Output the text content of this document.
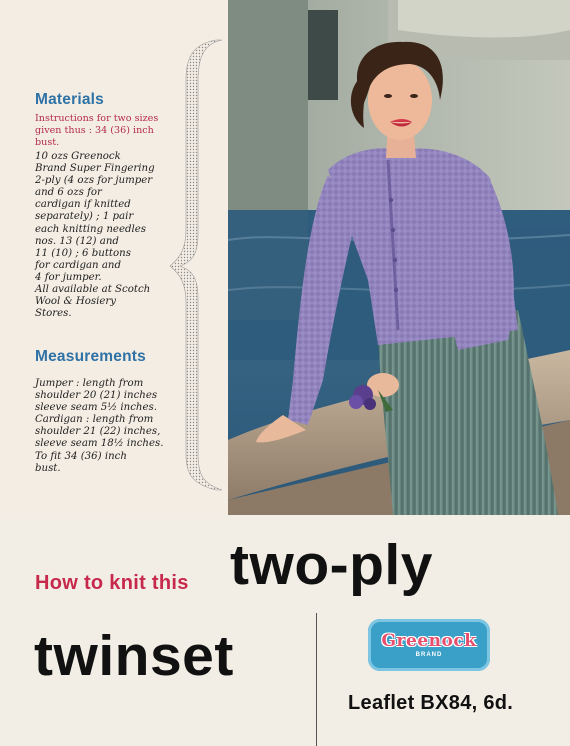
Materials
Instructions for two sizes given thus : 34 (36) inch bust.

10 ozs Greenock

Brand Super Fingering

2-ply (4 ozs for jumper

and 6 ozs for

cardigan if knitted

separately) ; 1 pair

each knitting needles

nos. 13 (12) and

11 (10) ; 6 buttons

for cardigan and

4 for jumper.

All available at Scotch

Wool & Hosiery

Stores.

Measurements

Jumper : length from

shoulder 20 (21) inches

sleeve seam 5½ inches.

Cardigan : length from

shoulder 21 (22) inches,

sleeve seam 18½ inches.

To fit 34 (36) inch

bust.

How to knit this two-ply
twinset	Greenock
BRAND
Leaflet BX84, 6d.
